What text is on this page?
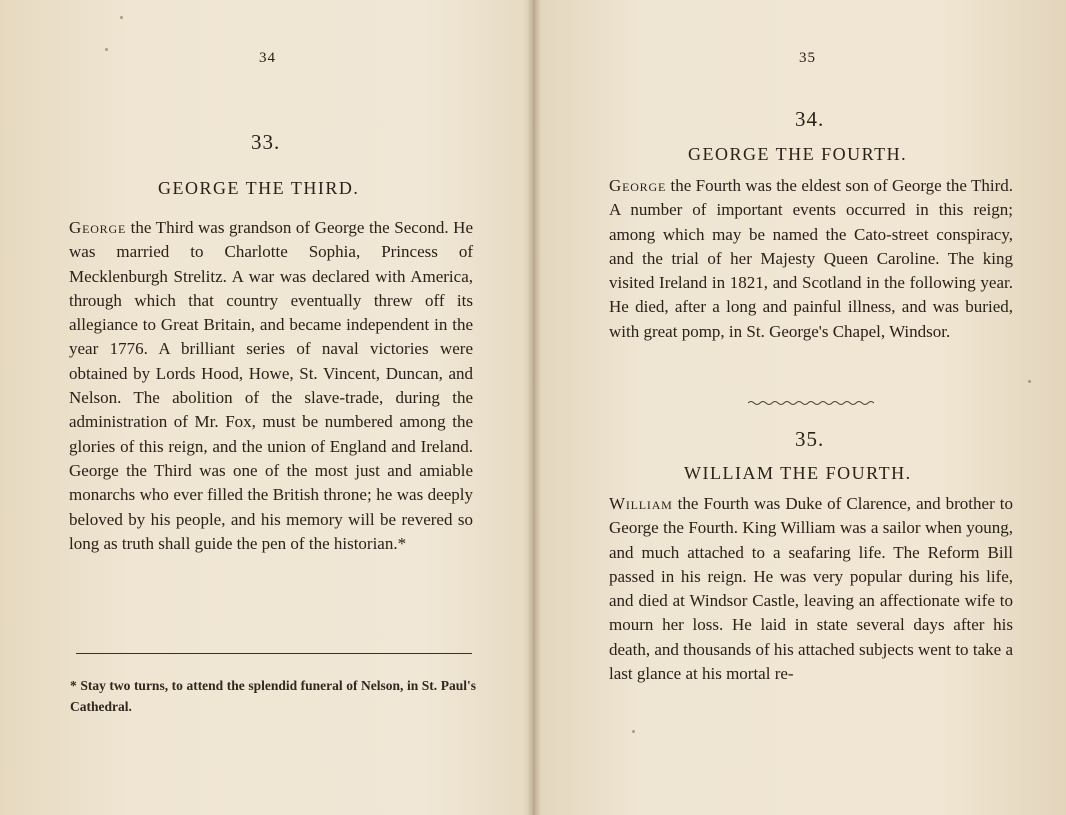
34
33.
GEORGE THE THIRD.
George the Third was grandson of George the Second. He was married to Charlotte Sophia, Princess of Mecklenburgh Strelitz. A war was declared with America, through which that country eventually threw off its allegiance to Great Britain, and became independent in the year 1776. A brilliant series of naval victories were obtained by Lords Hood, Howe, St. Vincent, Duncan, and Nelson. The abolition of the slave-trade, during the administration of Mr. Fox, must be numbered among the glories of this reign, and the union of England and Ireland. George the Third was one of the most just and amiable monarchs who ever filled the British throne; he was deeply beloved by his people, and his memory will be revered so long as truth shall guide the pen of the historian.*
* Stay two turns, to attend the splendid funeral of Nelson, in St. Paul's Cathedral.
35
34.
GEORGE THE FOURTH.
George the Fourth was the eldest son of George the Third. A number of important events occurred in this reign; among which may be named the Cato-street conspiracy, and the trial of her Majesty Queen Caroline. The king visited Ireland in 1821, and Scotland in the following year. He died, after a long and painful illness, and was buried, with great pomp, in St. George's Chapel, Windsor.
35.
WILLIAM THE FOURTH.
William the Fourth was Duke of Clarence, and brother to George the Fourth. King William was a sailor when young, and much attached to a seafaring life. The Reform Bill passed in his reign. He was very popular during his life, and died at Windsor Castle, leaving an affectionate wife to mourn her loss. He laid in state several days after his death, and thousands of his attached subjects went to take a last glance at his mortal re-
